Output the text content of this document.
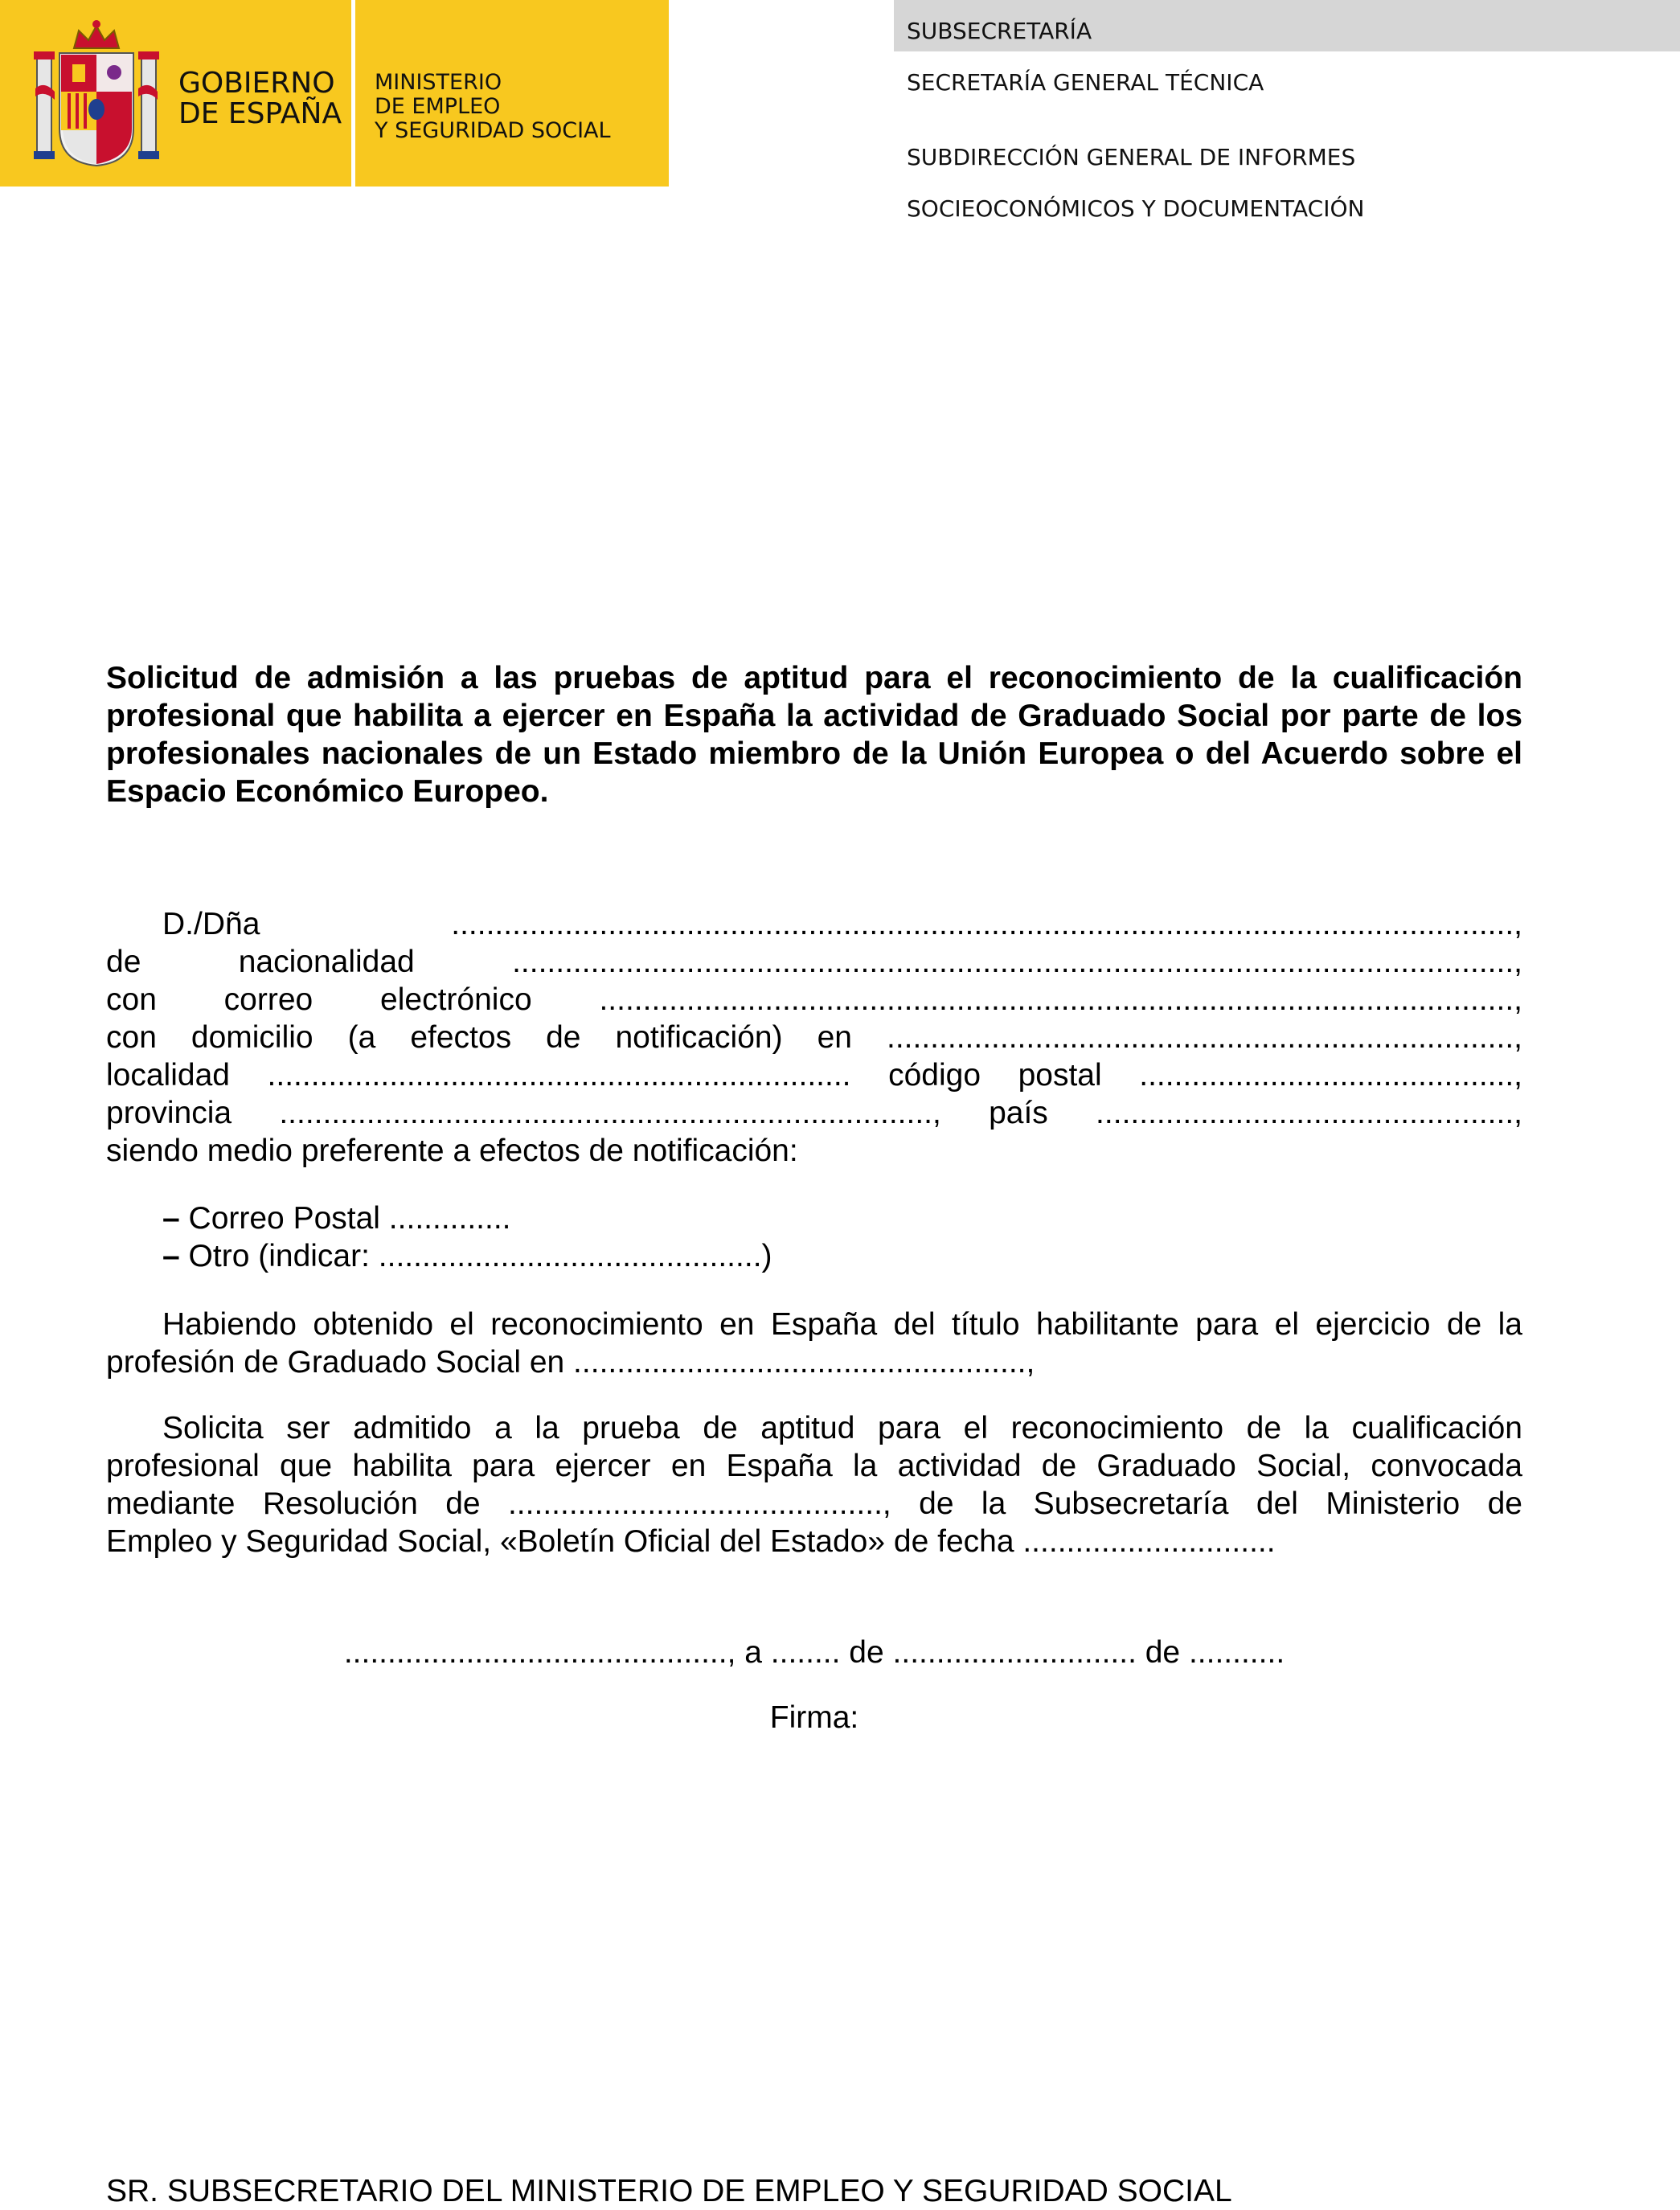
GOBIERNO
DE ESPAÑA
MINISTERIO
DE EMPLEO
Y SEGURIDAD SOCIAL
SUBSECRETARÍA
SECRETARÍA GENERAL TÉCNICA
SUBDIRECCIÓN GENERAL DE INFORMES
SOCIEOCONÓMICOS Y DOCUMENTACIÓN
Solicitud de admisión a las pruebas de aptitud para el reconocimiento de la cualificación profesional que habilita a ejercer en España la actividad de Graduado Social por parte de los profesionales nacionales de un Estado miembro de la Unión Europea o del Acuerdo sobre el Espacio Económico Europeo.
D./Dña ..........................................................................................................................,
de nacionalidad ...................................................................................................................,
con correo electrónico .........................................................................................................,
con domicilio (a efectos de notificación) en ........................................................................,
localidad ................................................................... código postal ...........................................,
provincia ..........................................................................., país ................................................,
siendo medio preferente a efectos de notificación:
– Correo Postal ..............
– Otro (indicar: ............................................)
Habiendo obtenido el reconocimiento en España del título habilitante para el ejercicio de la
profesión de Graduado Social en ....................................................,
Solicita ser admitido a la prueba de aptitud para el reconocimiento de la cualificación
profesional que habilita para ejercer en España la actividad de Graduado Social, convocada
mediante Resolución de ..........................................., de la Subsecretaría del Ministerio de
Empleo y Seguridad Social, «Boletín Oficial del Estado» de fecha .............................
............................................, a ........ de ............................ de ...........
Firma:
SR. SUBSECRETARIO DEL MINISTERIO DE EMPLEO Y SEGURIDAD SOCIAL
